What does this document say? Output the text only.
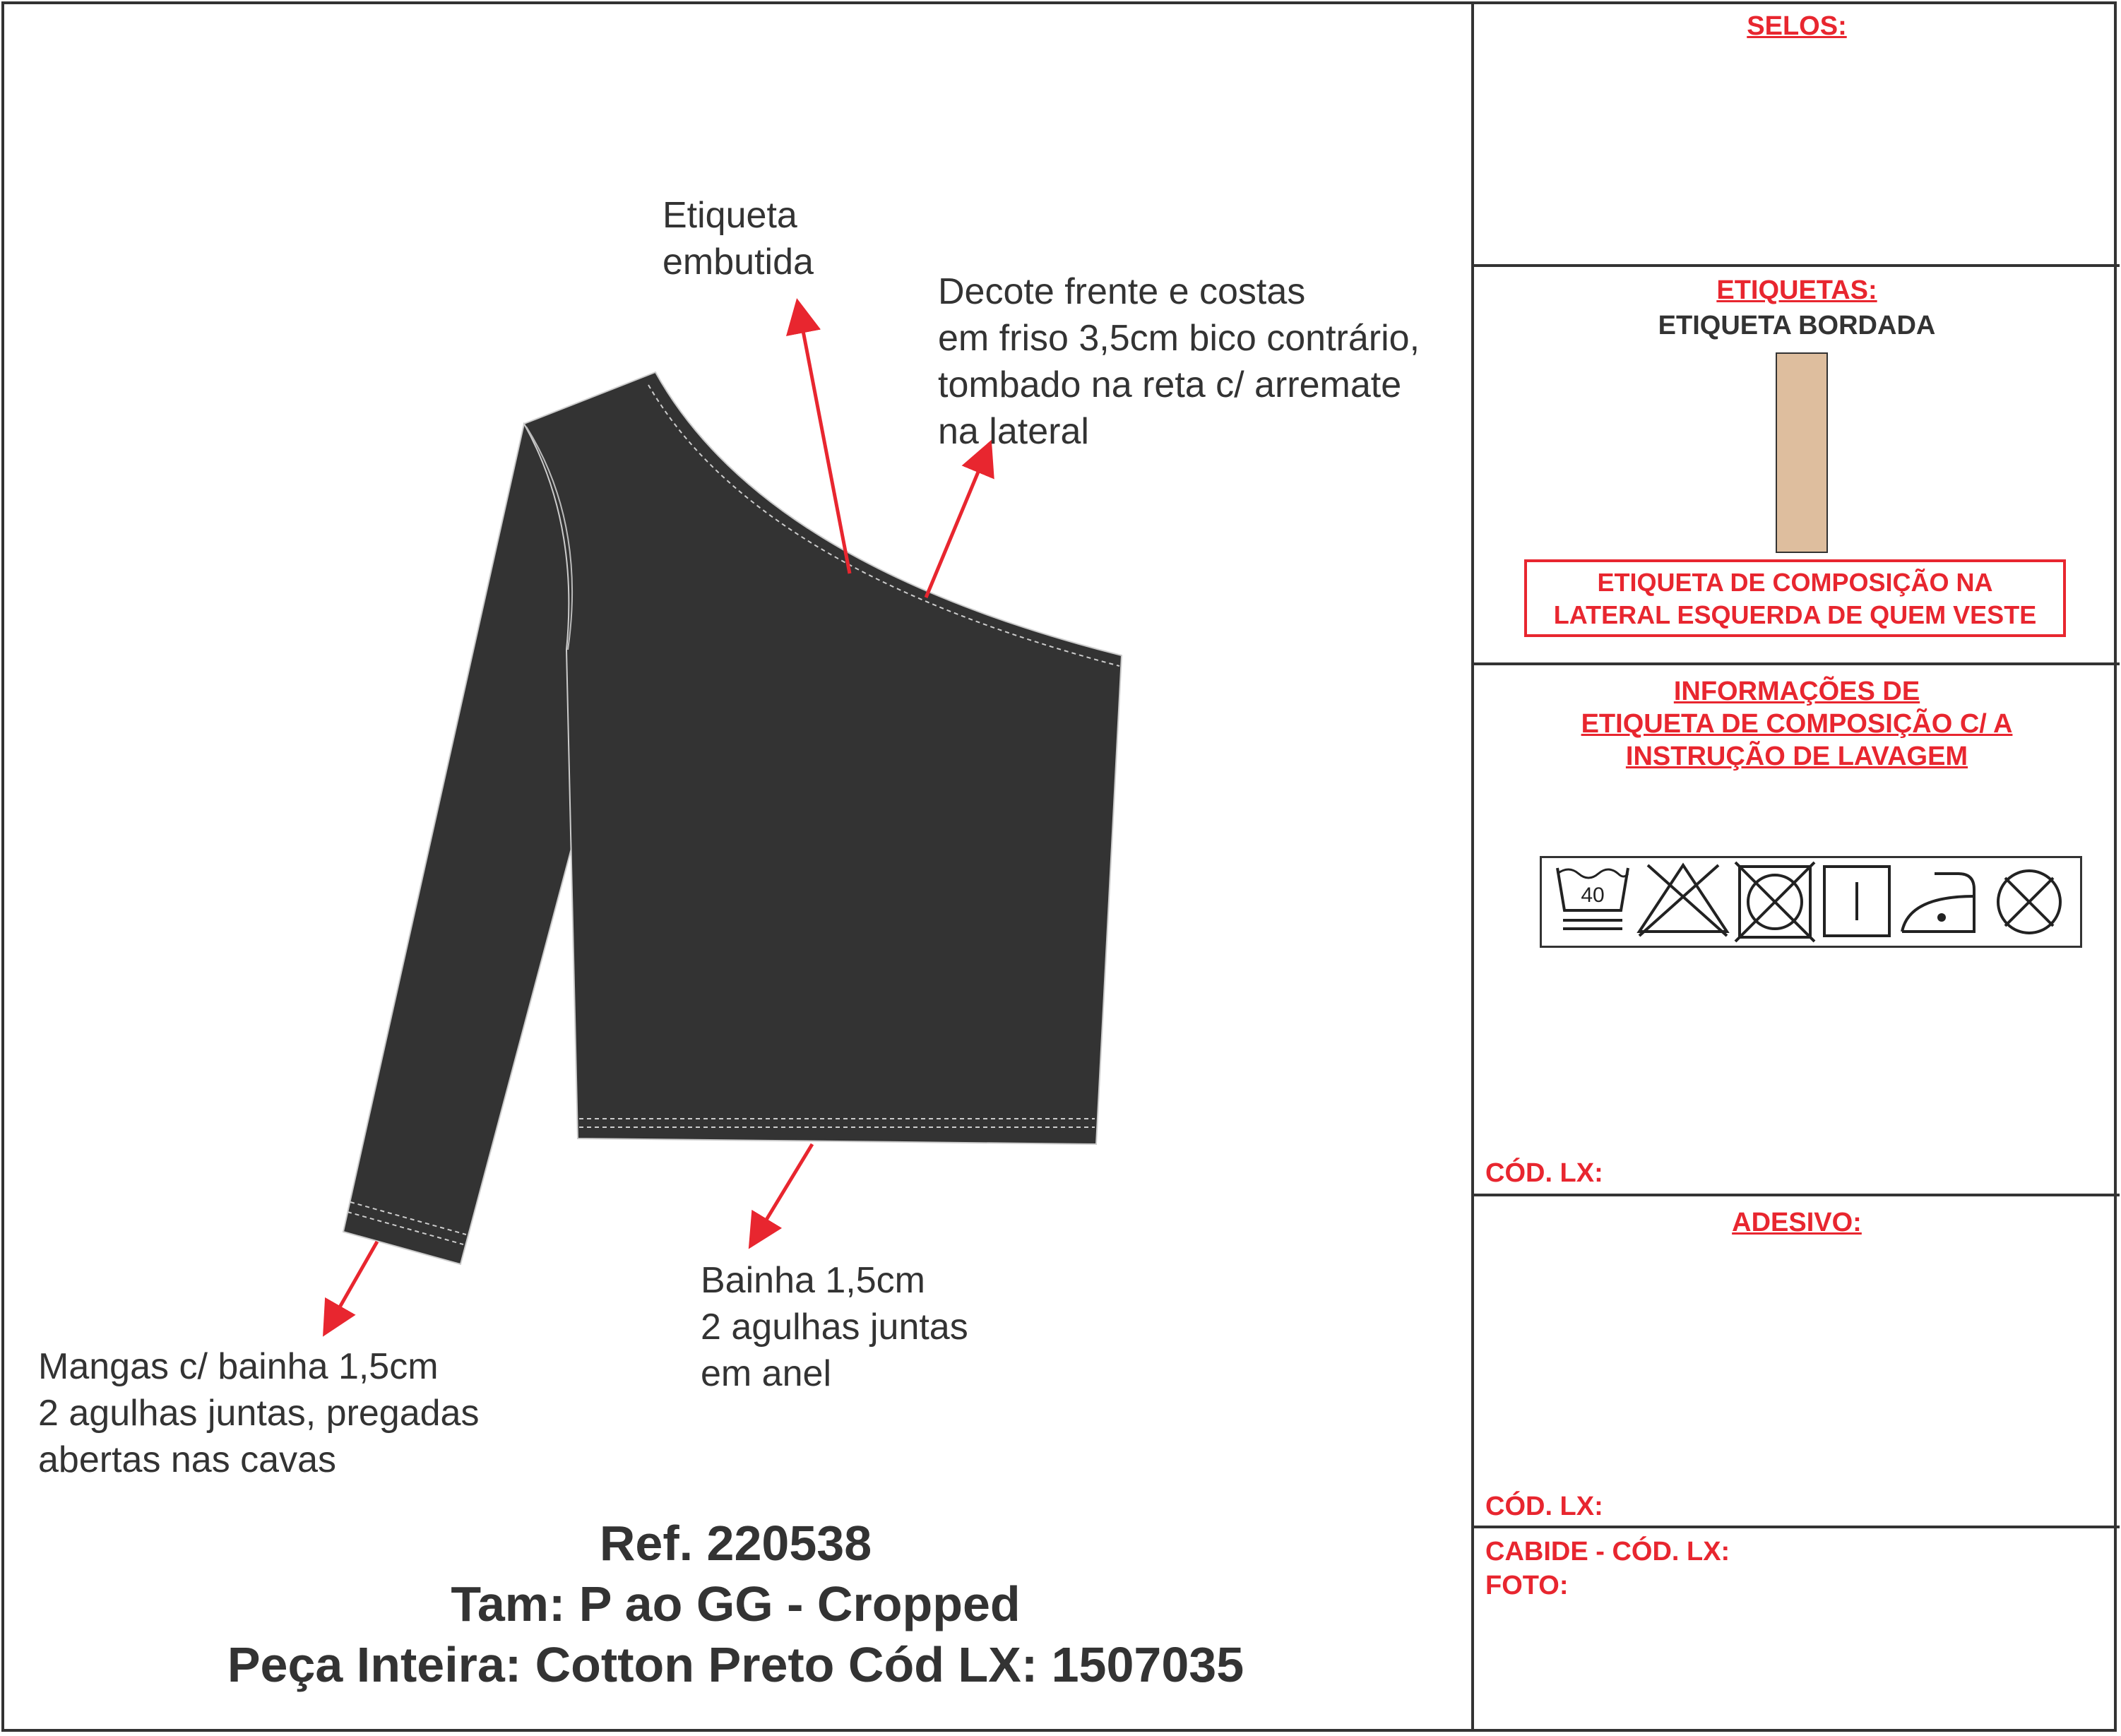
Etiqueta
embutida
Decote frente e costas
em friso 3,5cm bico contrário,
tombado na reta c/ arremate
na lateral
Bainha 1,5cm
2 agulhas juntas
em anel
Mangas c/ bainha 1,5cm
2 agulhas juntas, pregadas
abertas nas cavas
Ref. 220538
Tam: P ao GG - Cropped
Peça Inteira: Cotton Preto Cód LX: 1507035
SELOS:
ETIQUETAS:
ETIQUETA BORDADA
ETIQUETA DE COMPOSIÇÃO NA
LATERAL ESQUERDA DE QUEM VESTE
INFORMAÇÕES DE
ETIQUETA DE COMPOSIÇÃO C/ A
INSTRUÇÃO DE LAVAGEM
40
CÓD. LX:
ADESIVO:
CÓD. LX:
CABIDE - CÓD. LX:
FOTO:
